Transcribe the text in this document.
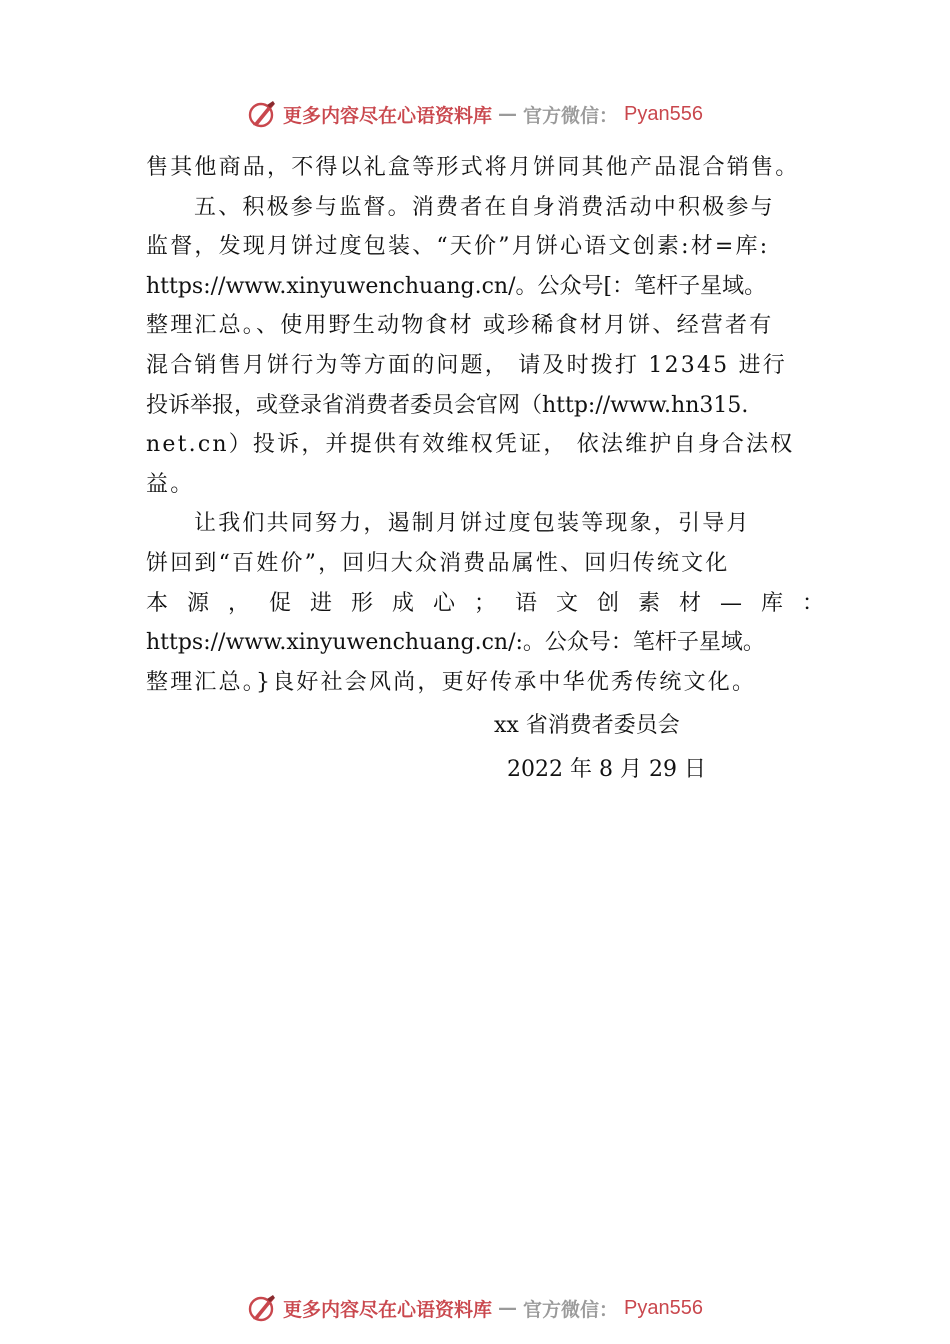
更多内容尽在心语资料库 — 官方微信： Pyan556
售其他商品，不得以礼盒等形式将月饼同其他产品混合销售。
五、积极参与监督。消费者在自身消费活动中积极参与
监督，发现月饼过度包装、“天价”月饼心语文创素:材=库:
https://www.xinyuwenchuang.cn/。公众号[：笔杆子星域。
整理汇总。、使用野生动物食材 或珍稀食材月饼、经营者有
混合销售月饼行为等方面的问题， 请及时拨打 12345 进行
投诉举报，或登录省消费者委员会官网（http://www.hn315.
net.cn）投诉，并提供有效维权凭证， 依法维护自身合法权
益。
让我们共同努力，遏制月饼过度包装等现象，引导月
饼回到“百姓价”，回归大众消费品属性、回归传统文化
本 源 ， 促 进 形 成 心 ； 语 文 创 素 材 — 库 ：
https://www.xinyuwenchuang.cn/:。公众号：笔杆子星域。
整理汇总。}良好社会风尚，更好传承中华优秀传统文化。
xx 省消费者委员会
2022 年 8 月 29 日
更多内容尽在心语资料库 — 官方微信： Pyan556
